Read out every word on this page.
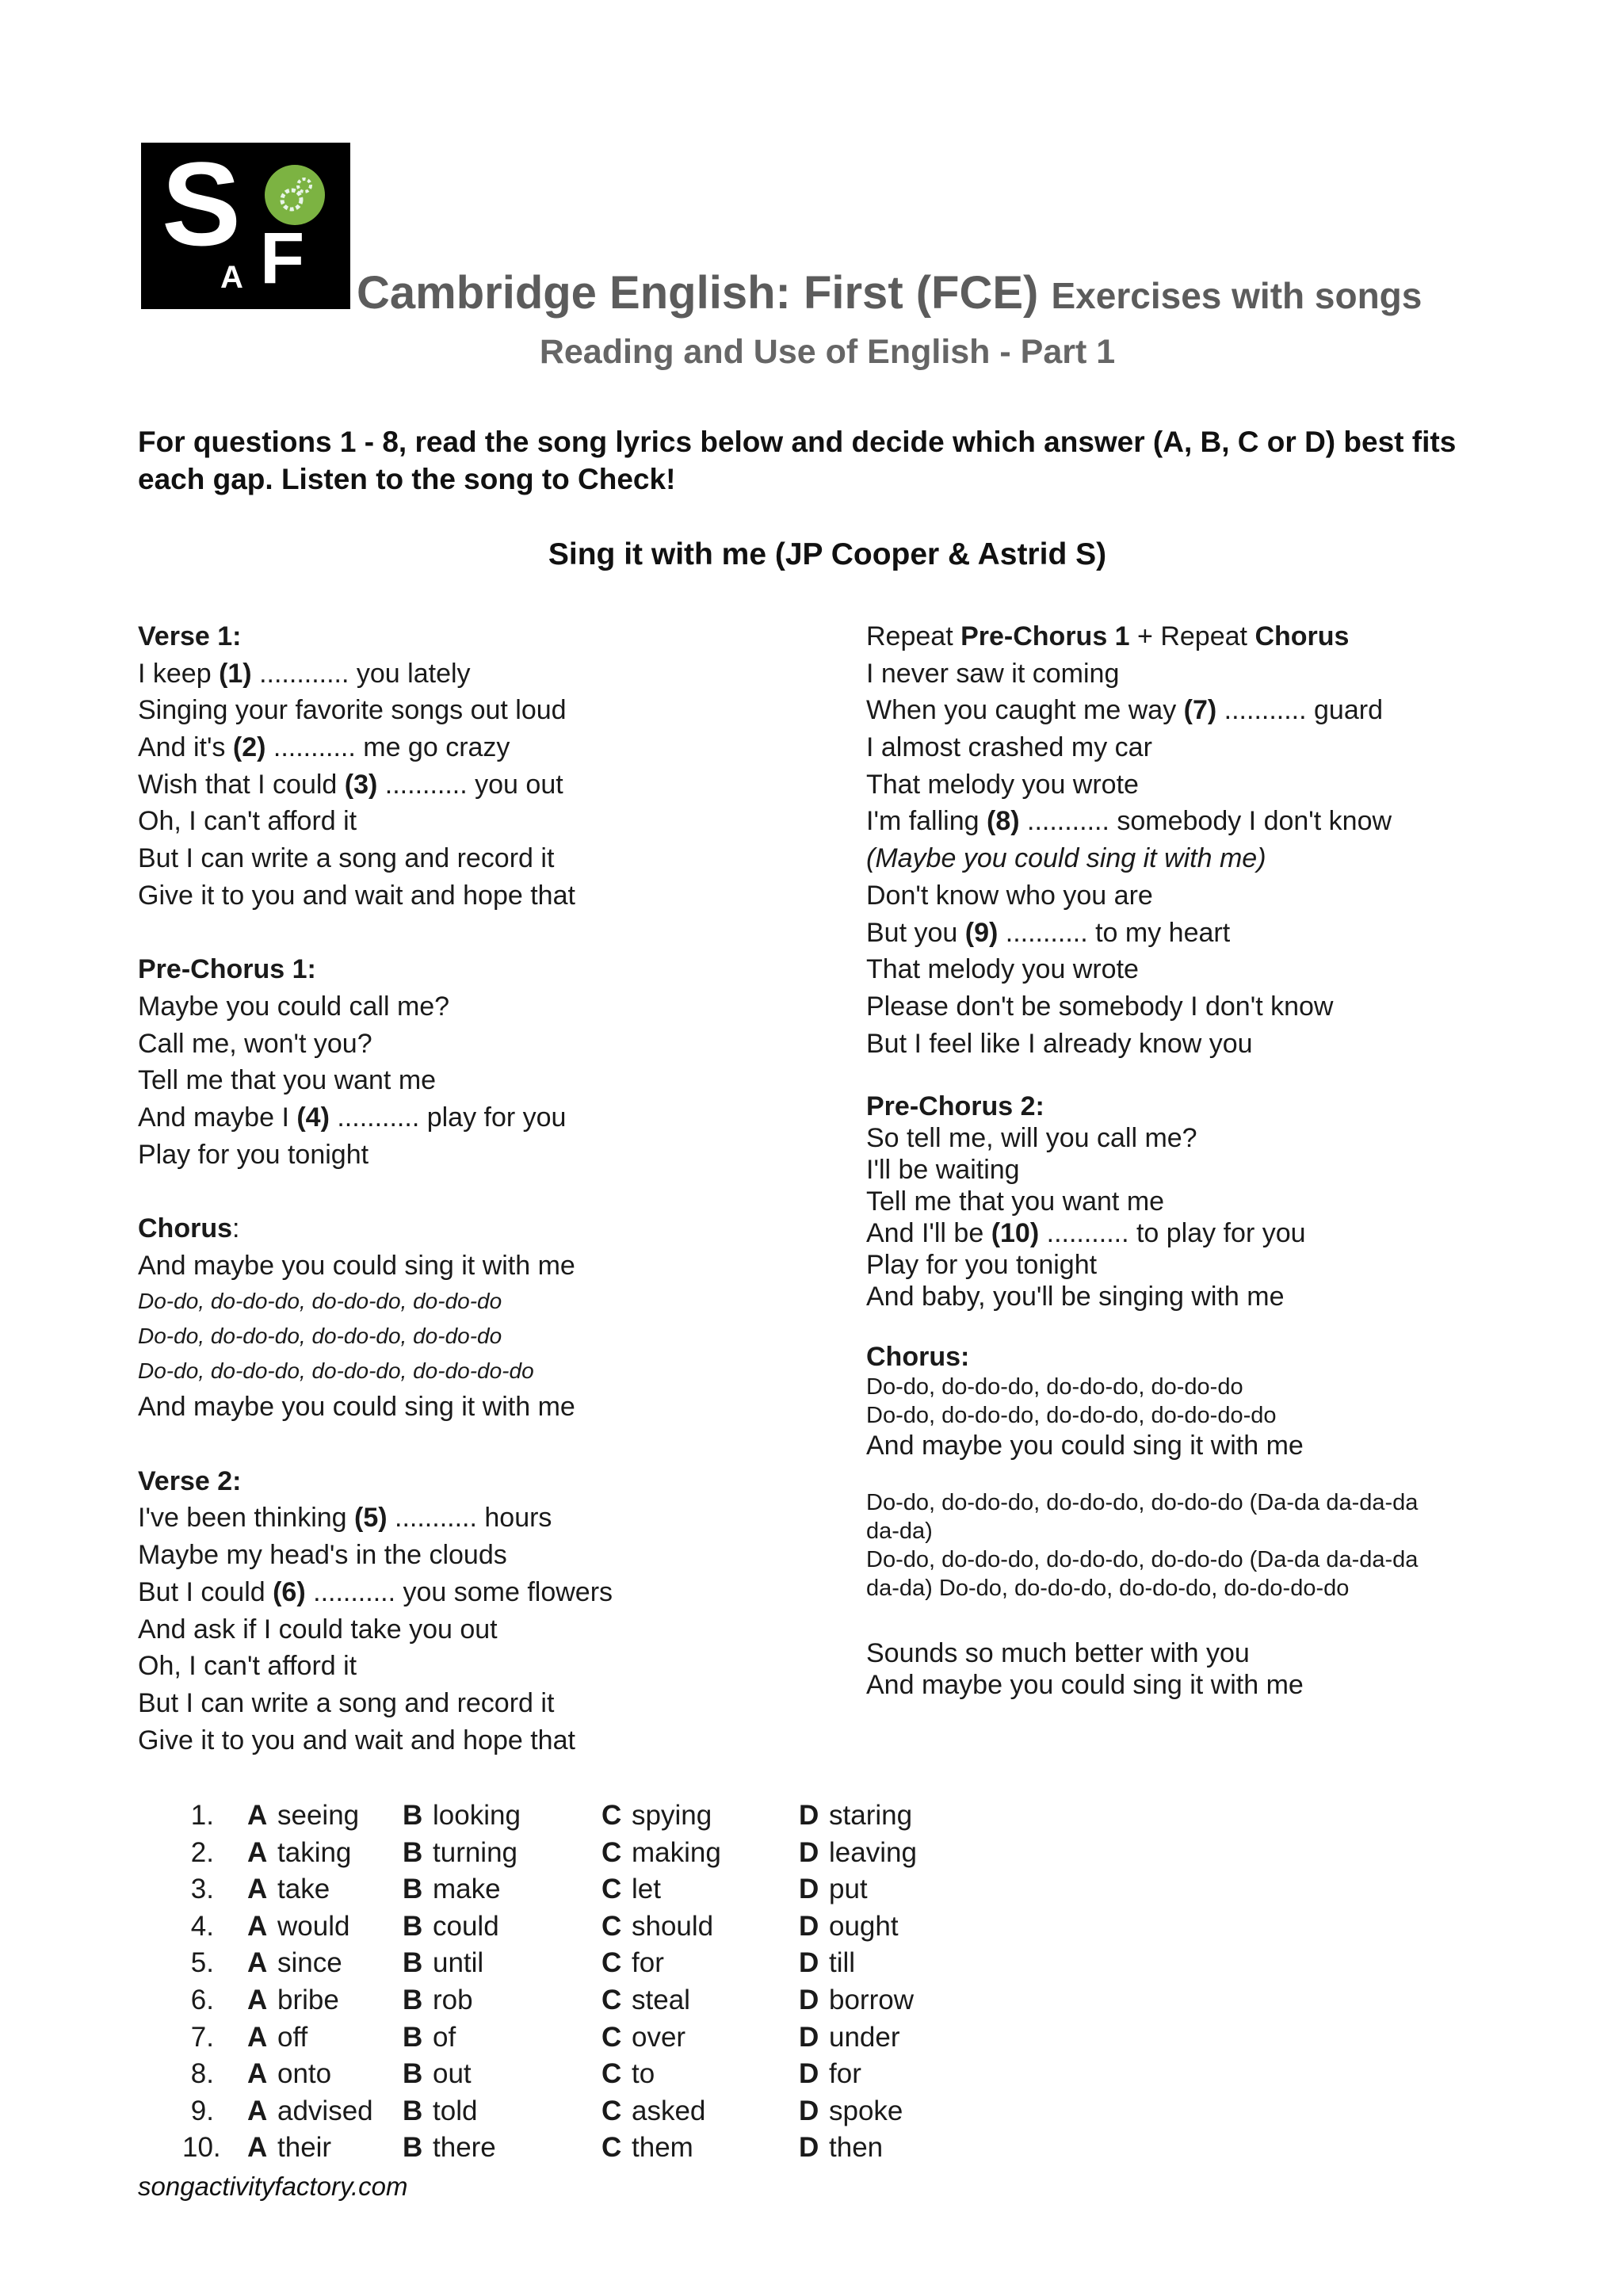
S F
A Cambridge English: First (FCE) Exercises with songs
Reading and Use of English - Part 1
For questions 1 - 8, read the song lyrics below and decide which answer (A, B, C or D) best fits each gap. Listen to the song to Check!
Sing it with me (JP Cooper & Astrid S)
Verse 1:
I keep (1) ............ you lately
Singing your favorite songs out loud
And it's (2) ........... me go crazy
Wish that I could (3) ........... you out
Oh, I can't afford it
But I can write a song and record it
Give it to you and wait and hope that
Pre-Chorus 1:
Maybe you could call me?
Call me, won't you?
Tell me that you want me
And maybe I (4) ........... play for you
Play for you tonight
Chorus:
And maybe you could sing it with me
Do-do, do-do-do, do-do-do, do-do-do
Do-do, do-do-do, do-do-do, do-do-do
Do-do, do-do-do, do-do-do, do-do-do-do
And maybe you could sing it with me
Verse 2:
I've been thinking (5) ........... hours
Maybe my head's in the clouds
But I could (6) ........... you some flowers
And ask if I could take you out
Oh, I can't afford it
But I can write a song and record it
Give it to you and wait and hope that
Repeat Pre-Chorus 1 + Repeat Chorus
I never saw it coming
When you caught me way (7) ........... guard
I almost crashed my car
That melody you wrote
I'm falling (8) ........... somebody I don't know
(Maybe you could sing it with me)
Don't know who you are
But you (9) ........... to my heart
That melody you wrote
Please don't be somebody I don't know
But I feel like I already know you
Pre-Chorus 2:
So tell me, will you call me?
I'll be waiting
Tell me that you want me
And I'll be (10) ........... to play for you
Play for you tonight
And baby, you'll be singing with me
Chorus:
Do-do, do-do-do, do-do-do, do-do-do
Do-do, do-do-do, do-do-do, do-do-do-do
And maybe you could sing it with me
Do-do, do-do-do, do-do-do, do-do-do (Da-da da-da-da
da-da)
Do-do, do-do-do, do-do-do, do-do-do (Da-da da-da-da
da-da) Do-do, do-do-do, do-do-do, do-do-do-do
Sounds so much better with you
And maybe you could sing it with me
1. A seeing B looking	C spying	D staring
2. A taking B turning	C making	D leaving
3. A take	B make	C let	D put
4. A would B could	C should	D ought
5. A since B until	C for	D till
6. A bribe B rob	C steal	D borrow
7. A off	B of	C over	D under
8. A onto	B out	C to	D for
9. A advised B told	C asked	D spoke
10. A their	B there	C them	D then
songactivityfactory.com
